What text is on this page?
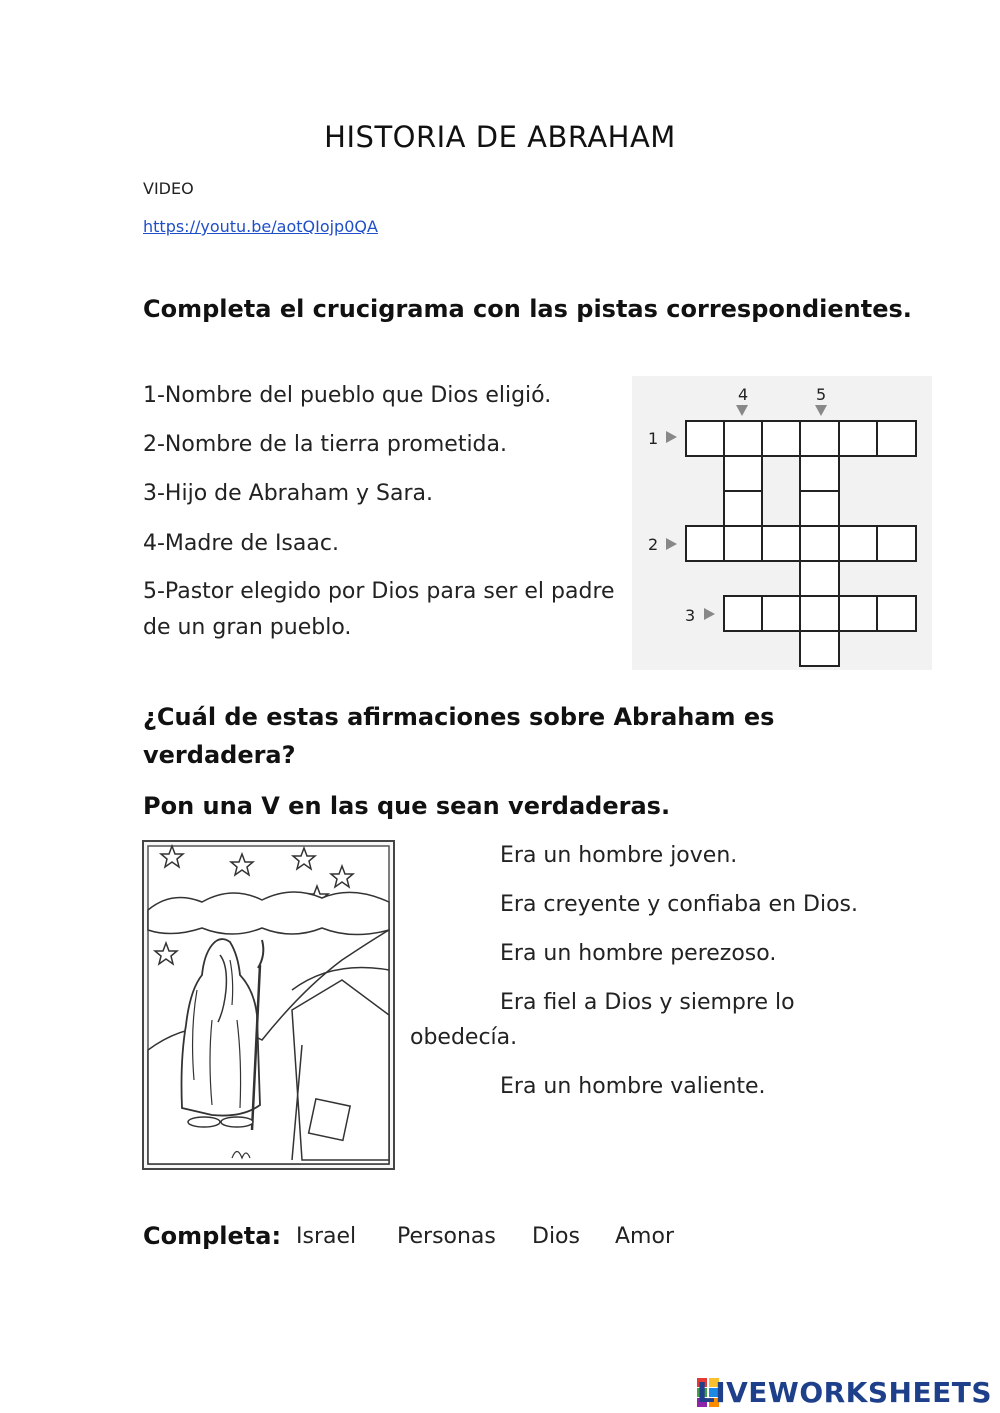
HISTORIA DE ABRAHAM
VIDEO
https://youtu.be/aotQIojp0QA
Completa el crucigrama con las pistas correspondientes.
1-Nombre del pueblo que Dios eligió.
2-Nombre de la tierra prometida.
3-Hijo de Abraham y Sara.
4-Madre de Isaac.
5-Pastor elegido por Dios para ser el padre
de un gran pueblo.
4	5
1
2
3
¿Cuál de estas afirmaciones sobre Abraham es
verdadera?
Pon una V en las que sean verdaderas.
Era un hombre joven.
Era creyente y confiaba en Dios.
Era un hombre perezoso.
Era fiel a Dios y siempre lo
obedecía.
Era un hombre valiente.
Completa: Israel Personas Dios Amor
LIVEWORKSHEETS
